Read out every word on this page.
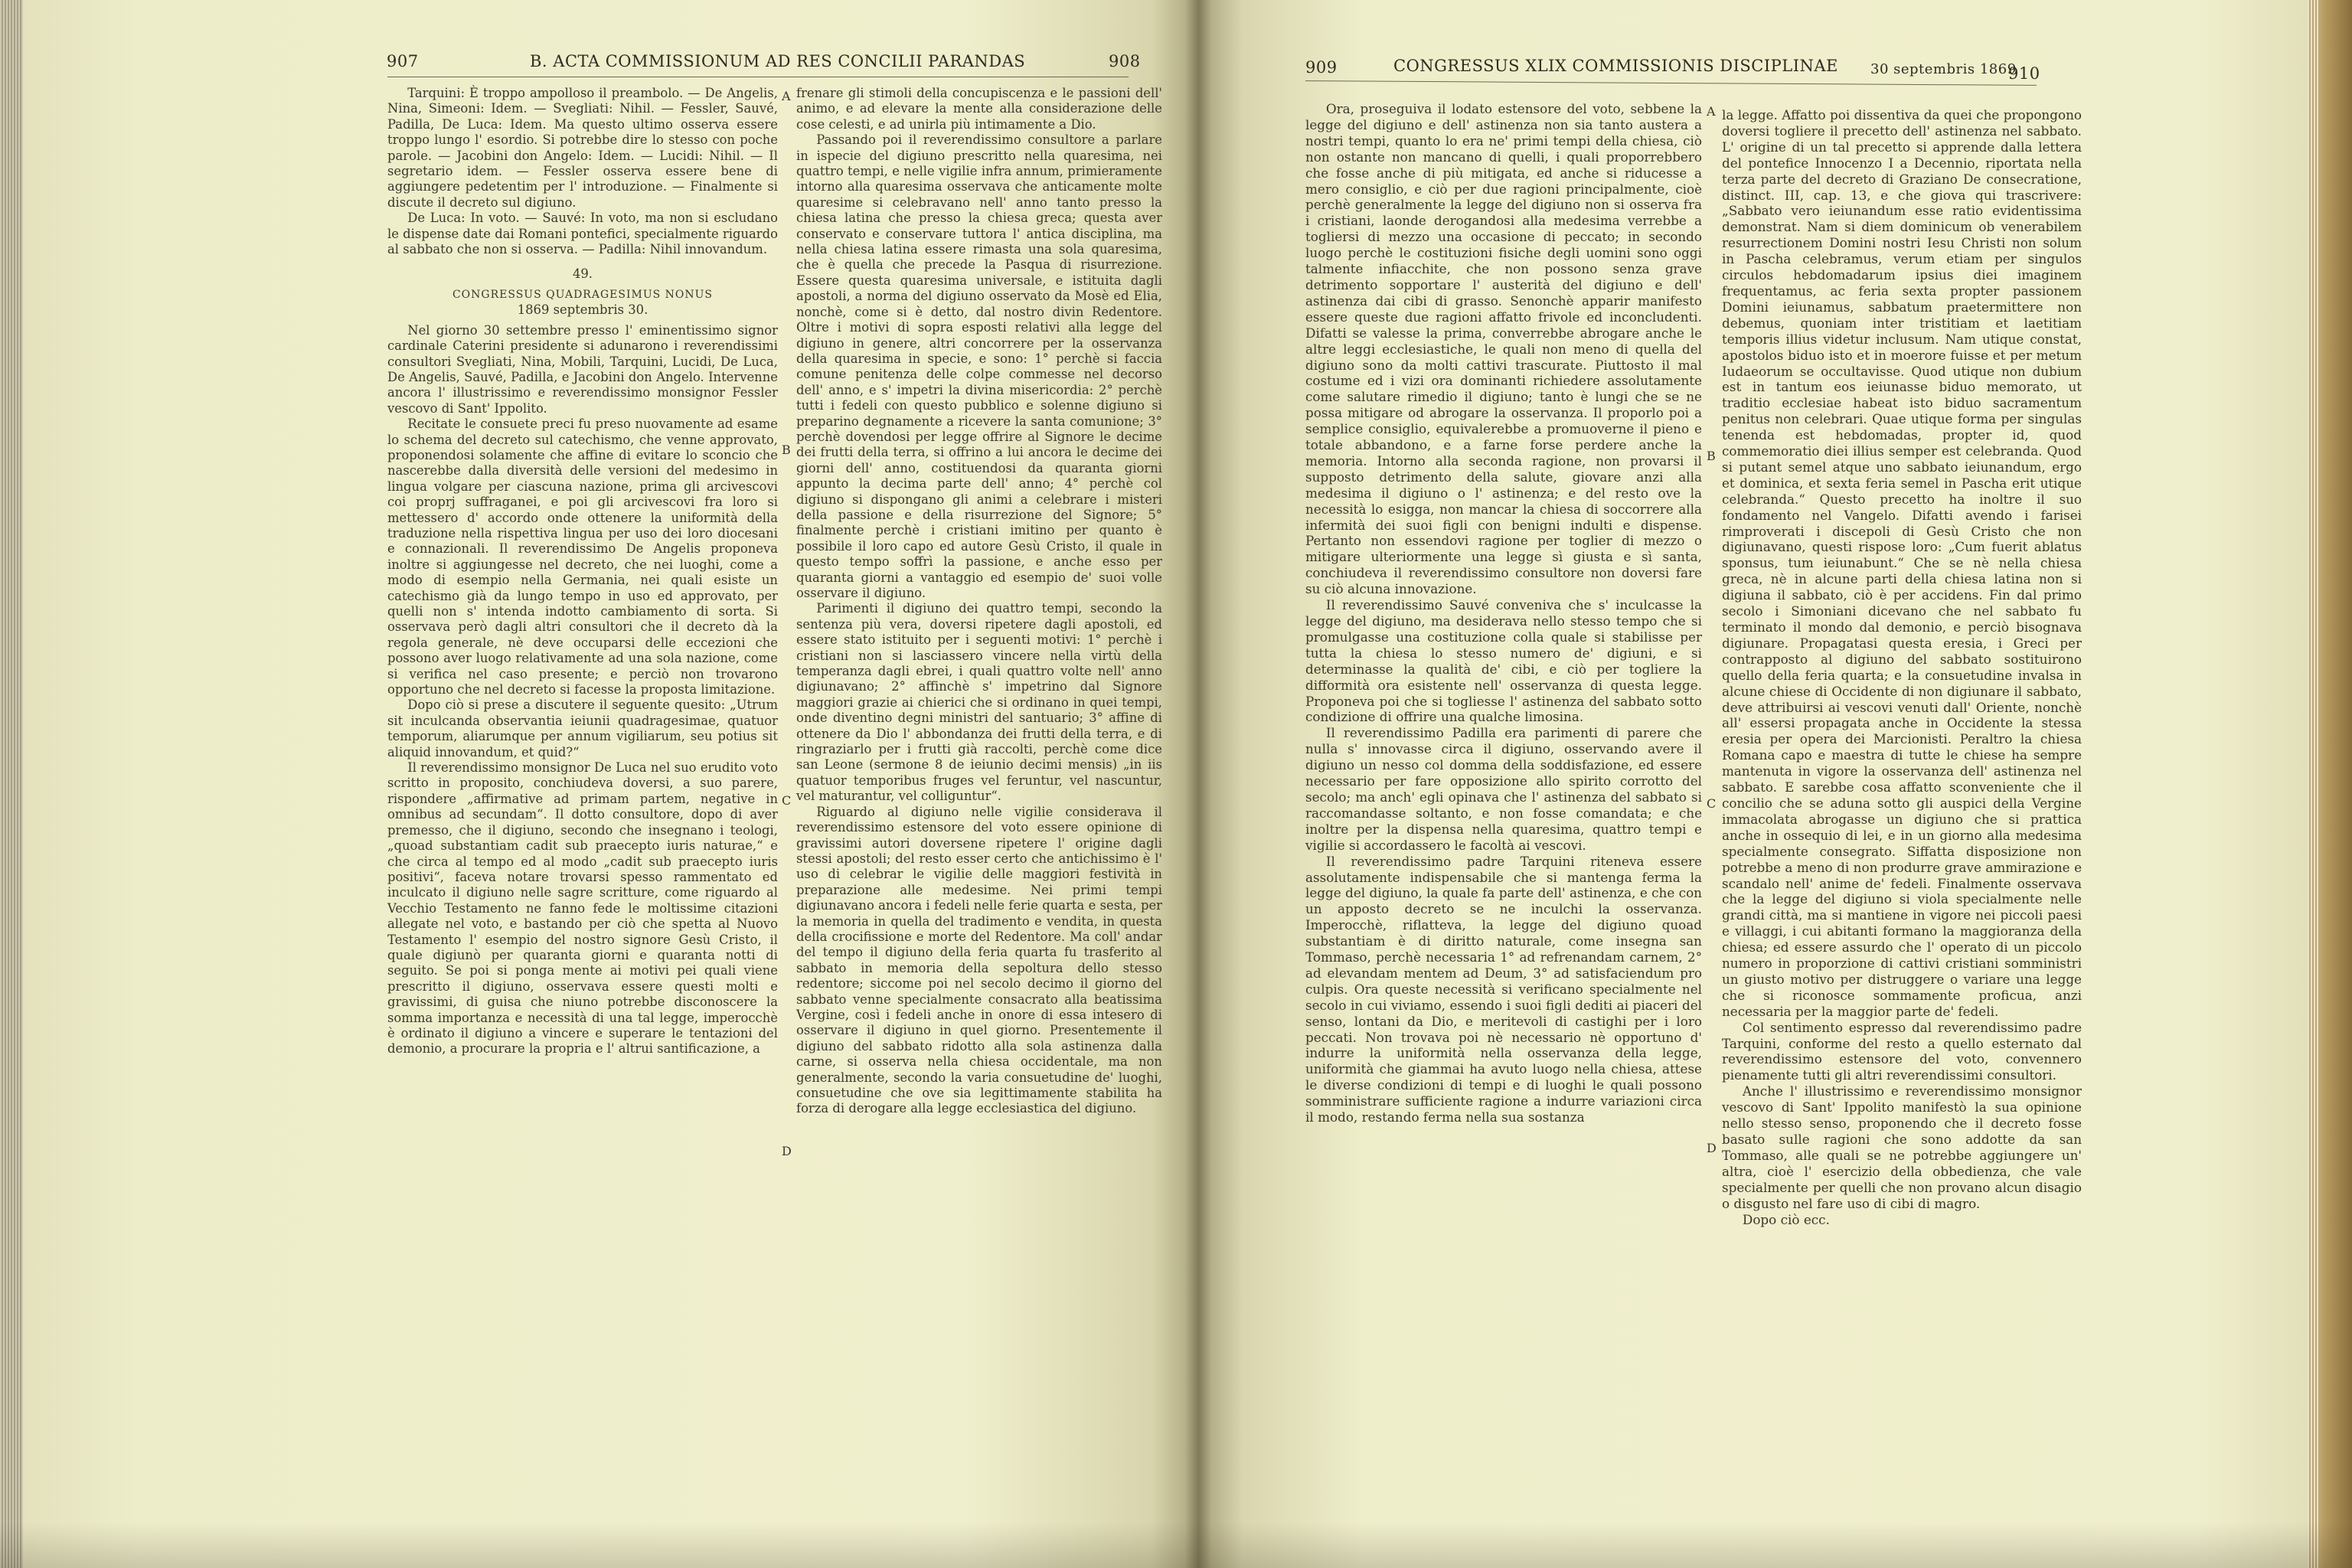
907	B. ACTA COMMISSIONUM AD RES CONCILII PARANDAS	908

Tarquini: È troppo ampolloso il preambolo. — De Angelis, Nina, Simeoni: Idem. — Svegliati: Nihil. — Fessler, Sauvé, Padilla, De Luca: Idem. Ma questo ultimo osserva essere troppo lungo l' esordio. Si potrebbe dire lo stesso con poche parole. — Jacobini don Angelo: Idem. — Lucidi: Nihil. — Il segretario idem. — Fessler osserva essere bene di aggiungere pedetentim per l' introduzione. — Finalmente si discute il decreto sul digiuno.

De Luca: In voto. — Sauvé: In voto, ma non si escludano le dispense date dai Romani pontefici, specialmente riguardo al sabbato che non si osserva. — Padilla: Nihil innovandum.

49.

CONGRESSUS QUADRAGESIMUS NONUS

1869 septembris 30.

Nel giorno 30 settembre presso l' eminentissimo signor cardinale Caterini presidente si adunarono i reverendissimi consultori Svegliati, Nina, Mobili, Tarquini, Lucidi, De Luca, De Angelis, Sauvé, Padilla, e Jacobini don Angelo. Intervenne ancora l' illustrissimo e reverendissimo monsignor Fessler vescovo di Sant' Ippolito.

Recitate le consuete preci fu preso nuovamente ad esame lo schema del decreto sul catechismo, che venne approvato, proponendosi solamente che affine di evitare lo sconcio che nascerebbe dalla diversità delle versioni del medesimo in lingua volgare per ciascuna nazione, prima gli arcivescovi coi proprj suffraganei, e poi gli arcivescovi fra loro si mettessero d' accordo onde ottenere la uniformità della traduzione nella rispettiva lingua per uso dei loro diocesani e connazionali. Il reverendissimo De Angelis proponeva inoltre si aggiungesse nel decreto, che nei luoghi, come a modo di esempio nella Germania, nei quali esiste un catechismo già da lungo tempo in uso ed approvato, per quelli non s' intenda indotto cambiamento di sorta. Si osservava però dagli altri consultori che il decreto dà la regola generale, nè deve occuparsi delle eccezioni che possono aver luogo relativamente ad una sola nazione, come si verifica nel caso presente; e perciò non trovarono opportuno che nel decreto si facesse la proposta limitazione.

Dopo ciò si prese a discutere il seguente quesito: „Utrum sit inculcanda observantia ieiunii quadragesimae, quatuor temporum, aliarumque per annum vigiliarum, seu potius sit aliquid innovandum, et quid?“

Il reverendissimo monsignor De Luca nel suo erudito voto scritto in proposito, conchiudeva doversi, a suo parere, rispondere „affirmative ad primam partem, negative in omnibus ad secundam“. Il dotto consultore, dopo di aver premesso, che il digiuno, secondo che insegnano i teologi, „quoad substantiam cadit sub praecepto iuris naturae,“ e che circa al tempo ed al modo „cadit sub praecepto iuris positivi“, faceva notare trovarsi spesso rammentato ed inculcato il digiuno nelle sagre scritture, come riguardo al Vecchio Testamento ne fanno fede le moltissime citazioni allegate nel voto, e bastando per ciò che spetta al Nuovo Testamento l' esempio del nostro signore Gesù Cristo, il quale digiunò per quaranta giorni e quaranta notti di seguito. Se poi si ponga mente ai motivi pei quali viene prescritto il digiuno, osservava essere questi molti e gravissimi, di guisa che niuno potrebbe disconoscere la somma importanza e necessità di una tal legge, imperocchè è ordinato il digiuno a vincere e superare le tentazioni del demonio, a procurare la propria e l' altrui santificazione, a

A
B
C
D

frenare gli stimoli della concupiscenza e le passioni dell' animo, e ad elevare la mente alla considerazione delle cose celesti, e ad unirla più intimamente a Dio.

Passando poi il reverendissimo consultore a parlare in ispecie del digiuno prescritto nella quaresima, nei quattro tempi, e nelle vigilie infra annum, primieramente intorno alla quaresima osservava che anticamente molte quaresime si celebravano nell' anno tanto presso la chiesa latina che presso la chiesa greca; questa aver conservato e conservare tuttora l' antica disciplina, ma nella chiesa latina essere rimasta una sola quaresima, che è quella che precede la Pasqua di risurrezione. Essere questa quaresima universale, e istituita dagli apostoli, a norma del digiuno osservato da Mosè ed Elia, nonchè, come si è detto, dal nostro divin Redentore. Oltre i motivi di sopra esposti relativi alla legge del digiuno in genere, altri concorrere per la osservanza della quaresima in specie, e sono: 1° perchè si faccia comune penitenza delle colpe commesse nel decorso dell' anno, e s' impetri la divina misericordia: 2° perchè tutti i fedeli con questo pubblico e solenne digiuno si preparino degnamente a ricevere la santa comunione; 3° perchè dovendosi per legge offrire al Signore le decime dei frutti della terra, si offrino a lui ancora le decime dei giorni dell' anno, costituendosi da quaranta giorni appunto la decima parte dell' anno; 4° perchè col digiuno si dispongano gli animi a celebrare i misteri della passione e della risurrezione del Signore; 5° finalmente perchè i cristiani imitino per quanto è possibile il loro capo ed autore Gesù Cristo, il quale in questo tempo soffrì la passione, e anche esso per quaranta giorni a vantaggio ed esempio de' suoi volle osservare il digiuno.

Parimenti il digiuno dei quattro tempi, secondo la sentenza più vera, doversi ripetere dagli apostoli, ed essere stato istituito per i seguenti motivi: 1° perchè i cristiani non si lasciassero vincere nella virtù della temperanza dagli ebrei, i quali quattro volte nell' anno digiunavano; 2° affinchè s' impetrino dal Signore maggiori grazie ai chierici che si ordinano in quei tempi, onde diventino degni ministri del santuario; 3° affine di ottenere da Dio l' abbondanza dei frutti della terra, e di ringraziarlo per i frutti già raccolti, perchè come dice san Leone (sermone 8 de ieiunio decimi mensis) „in iis quatuor temporibus fruges vel feruntur, vel nascuntur, vel maturantur, vel colliguntur“.

Riguardo al digiuno nelle vigilie considerava il reverendissimo estensore del voto essere opinione di gravissimi autori doversene ripetere l' origine dagli stessi apostoli; del resto esser certo che antichissimo è l' uso di celebrar le vigilie delle maggiori festività in preparazione alle medesime. Nei primi tempi digiunavano ancora i fedeli nelle ferie quarta e sesta, per la memoria in quella del tradimento e vendita, in questa della crocifissione e morte del Redentore. Ma coll' andar del tempo il digiuno della feria quarta fu trasferito al sabbato in memoria della sepoltura dello stesso redentore; siccome poi nel secolo decimo il giorno del sabbato venne specialmente consacrato alla beatissima Vergine, così i fedeli anche in onore di essa intesero di osservare il digiuno in quel giorno. Presentemente il digiuno del sabbato ridotto alla sola astinenza dalla carne, si osserva nella chiesa occidentale, ma non generalmente, secondo la varia consuetudine de' luoghi, consuetudine che ove sia legittimamente stabilita ha forza di derogare alla legge ecclesiastica del digiuno.

909	CONGRESSUS XLIX COMMISSIONIS DISCIPLINAE 30 septembris 1869
910

Ora, proseguiva il lodato estensore del voto, sebbene la legge del digiuno e dell' astinenza non sia tanto austera a nostri tempi, quanto lo era ne' primi tempi della chiesa, ciò non ostante non mancano di quelli, i quali proporrebbero che fosse anche di più mitigata, ed anche si riducesse a mero consiglio, e ciò per due ragioni principalmente, cioè perchè generalmente la legge del digiuno non si osserva fra i cristiani, laonde derogandosi alla medesima verrebbe a togliersi di mezzo una occasione di peccato; in secondo luogo perchè le costituzioni fisiche degli uomini sono oggi talmente infiacchite, che non possono senza grave detrimento sopportare l' austerità del digiuno e dell' astinenza dai cibi di grasso. Senonchè apparir manifesto essere queste due ragioni affatto frivole ed inconcludenti. Difatti se valesse la prima, converrebbe abrogare anche le altre leggi ecclesiastiche, le quali non meno di quella del digiuno sono da molti cattivi trascurate. Piuttosto il mal costume ed i vizi ora dominanti richiedere assolutamente come salutare rimedio il digiuno; tanto è lungi che se ne possa mitigare od abrogare la osservanza. Il proporlo poi a semplice consiglio, equivalerebbe a promuoverne il pieno e totale abbandono, e a farne forse perdere anche la memoria. Intorno alla seconda ragione, non provarsi il supposto detrimento della salute, giovare anzi alla medesima il digiuno o l' astinenza; e del resto ove la necessità lo esigga, non mancar la chiesa di soccorrere alla infermità dei suoi figli con benigni indulti e dispense. Pertanto non essendovi ragione per toglier di mezzo o mitigare ulteriormente una legge sì giusta e sì santa, conchiudeva il reverendissimo consultore non doversi fare su ciò alcuna innovazione.

Il reverendissimo Sauvé conveniva che s' inculcasse la legge del digiuno, ma desiderava nello stesso tempo che si promulgasse una costituzione colla quale si stabilisse per tutta la chiesa lo stesso numero de' digiuni, e si determinasse la qualità de' cibi, e ciò per togliere la difformità ora esistente nell' osservanza di questa legge. Proponeva poi che si togliesse l' astinenza del sabbato sotto condizione di offrire una qualche limosina.

Il reverendissimo Padilla era parimenti di parere che nulla s' innovasse circa il digiuno, osservando avere il digiuno un nesso col domma della soddisfazione, ed essere necessario per fare opposizione allo spirito corrotto del secolo; ma anch' egli opinava che l' astinenza del sabbato si raccomandasse soltanto, e non fosse comandata; e che inoltre per la dispensa nella quaresima, quattro tempi e vigilie si accordassero le facoltà ai vescovi.

Il reverendissimo padre Tarquini riteneva essere assolutamente indispensabile che si mantenga ferma la legge del digiuno, la quale fa parte dell' astinenza, e che con un apposto decreto se ne inculchi la osservanza. Imperocchè, riflatteva, la legge del digiuno quoad substantiam è di diritto naturale, come insegna san Tommaso, perchè necessaria 1° ad refrenandam carnem, 2° ad elevandam mentem ad Deum, 3° ad satisfaciendum pro culpis. Ora queste necessità si verificano specialmente nel secolo in cui viviamo, essendo i suoi figli dediti ai piaceri del senso, lontani da Dio, e meritevoli di castighi per i loro peccati. Non trovava poi nè necessario nè opportuno d' indurre la uniformità nella osservanza della legge, uniformità che giammai ha avuto luogo nella chiesa, attese le diverse condizioni di tempi e di luoghi le quali possono somministrare sufficiente ragione a indurre variazioni circa il modo, restando ferma nella sua sostanza

A
B
C
D

la legge. Affatto poi dissentiva da quei che propongono doversi togliere il precetto dell' astinenza nel sabbato. L' origine di un tal precetto si apprende dalla lettera del pontefice Innocenzo I a Decennio, riportata nella terza parte del decreto di Graziano De consecratione, distinct. III, cap. 13, e che giova qui trascrivere: „Sabbato vero ieiunandum esse ratio evidentissima demonstrat. Nam si diem dominicum ob venerabilem resurrectionem Domini nostri Iesu Christi non solum in Pascha celebramus, verum etiam per singulos circulos hebdomadarum ipsius diei imaginem frequentamus, ac feria sexta propter passionem Domini ieiunamus, sabbatum praetermittere non debemus, quoniam inter tristitiam et laetitiam temporis illius videtur inclusum. Nam utique constat, apostolos biduo isto et in moerore fuisse et per metum Iudaeorum se occultavisse. Quod utique non dubium est in tantum eos ieiunasse biduo memorato, ut traditio ecclesiae habeat isto biduo sacramentum penitus non celebrari. Quae utique forma per singulas tenenda est hebdomadas, propter id, quod commemoratio diei illius semper est celebranda. Quod si putant semel atque uno sabbato ieiunandum, ergo et dominica, et sexta feria semel in Pascha erit utique celebranda.“ Questo precetto ha inoltre il suo fondamento nel Vangelo. Difatti avendo i farisei rimproverati i discepoli di Gesù Cristo che non digiunavano, questi rispose loro: „Cum fuerit ablatus sponsus, tum ieiunabunt.“ Che se nè nella chiesa greca, nè in alcune parti della chiesa latina non si digiuna il sabbato, ciò è per accidens. Fin dal primo secolo i Simoniani dicevano che nel sabbato fu terminato il mondo dal demonio, e perciò bisognava digiunare. Propagatasi questa eresia, i Greci per contrapposto al digiuno del sabbato sostituirono quello della feria quarta; e la consuetudine invalsa in alcune chiese di Occidente di non digiunare il sabbato, deve attribuirsi ai vescovi venuti dall' Oriente, nonchè all' essersi propagata anche in Occidente la stessa eresia per opera dei Marcionisti. Peraltro la chiesa Romana capo e maestra di tutte le chiese ha sempre mantenuta in vigore la osservanza dell' astinenza nel sabbato. E sarebbe cosa affatto sconveniente che il concilio che se aduna sotto gli auspici della Vergine immacolata abrogasse un digiuno che si prattica anche in ossequio di lei, e in un giorno alla medesima specialmente consegrato. Siffatta disposizione non potrebbe a meno di non produrre grave ammirazione e scandalo nell' anime de' fedeli. Finalmente osservava che la legge del digiuno si viola specialmente nelle grandi città, ma si mantiene in vigore nei piccoli paesi e villaggi, i cui abitanti formano la maggioranza della chiesa; ed essere assurdo che l' operato di un piccolo numero in proporzione di cattivi cristiani somministri un giusto motivo per distruggere o variare una legge che si riconosce sommamente proficua, anzi necessaria per la maggior parte de' fedeli.

Col sentimento espresso dal reverendissimo padre Tarquini, conforme del resto a quello esternato dal reverendissimo estensore del voto, convennero pienamente tutti gli altri reverendissimi consultori.

Anche l' illustrissimo e reverendissimo monsignor vescovo di Sant' Ippolito manifestò la sua opinione nello stesso senso, proponendo che il decreto fosse basato sulle ragioni che sono addotte da san Tommaso, alle quali se ne potrebbe aggiungere un' altra, cioè l' esercizio della obbedienza, che vale specialmente per quelli che non provano alcun disagio o disgusto nel fare uso di cibi di magro.

Dopo ciò ecc.
